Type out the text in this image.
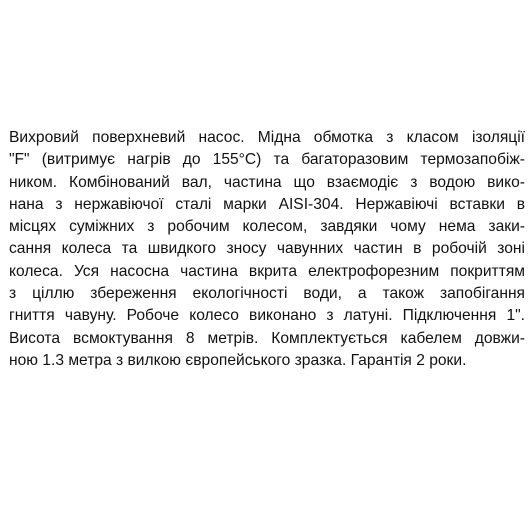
Вихровий поверхневий насос. Мідна обмотка з класом ізоляції
"F" (витримує нагрів до 155°С) та багаторазовим термозапобіж-
ником. Комбінований вал, частина що взаємодіє з водою вико-
нана з нержавіючої сталі марки AISI-304. Нержавіючі вставки в
місцях суміжних з робочим колесом, завдяки чому нема заки-
сання колеса та швидкого зносу чавунних частин в робочій зоні
колеса. Уся насосна частина вкрита електрофорезним покриттям
з ціллю збереження екологічності води, а також запобігання
гниття чавуну. Робоче колесо виконано з латуні. Підключення 1".
Висота всмоктування 8 метрів. Комплектується кабелем довжи-
ною 1.3 метра з вилкою європейського зразка. Гарантія 2 роки.
